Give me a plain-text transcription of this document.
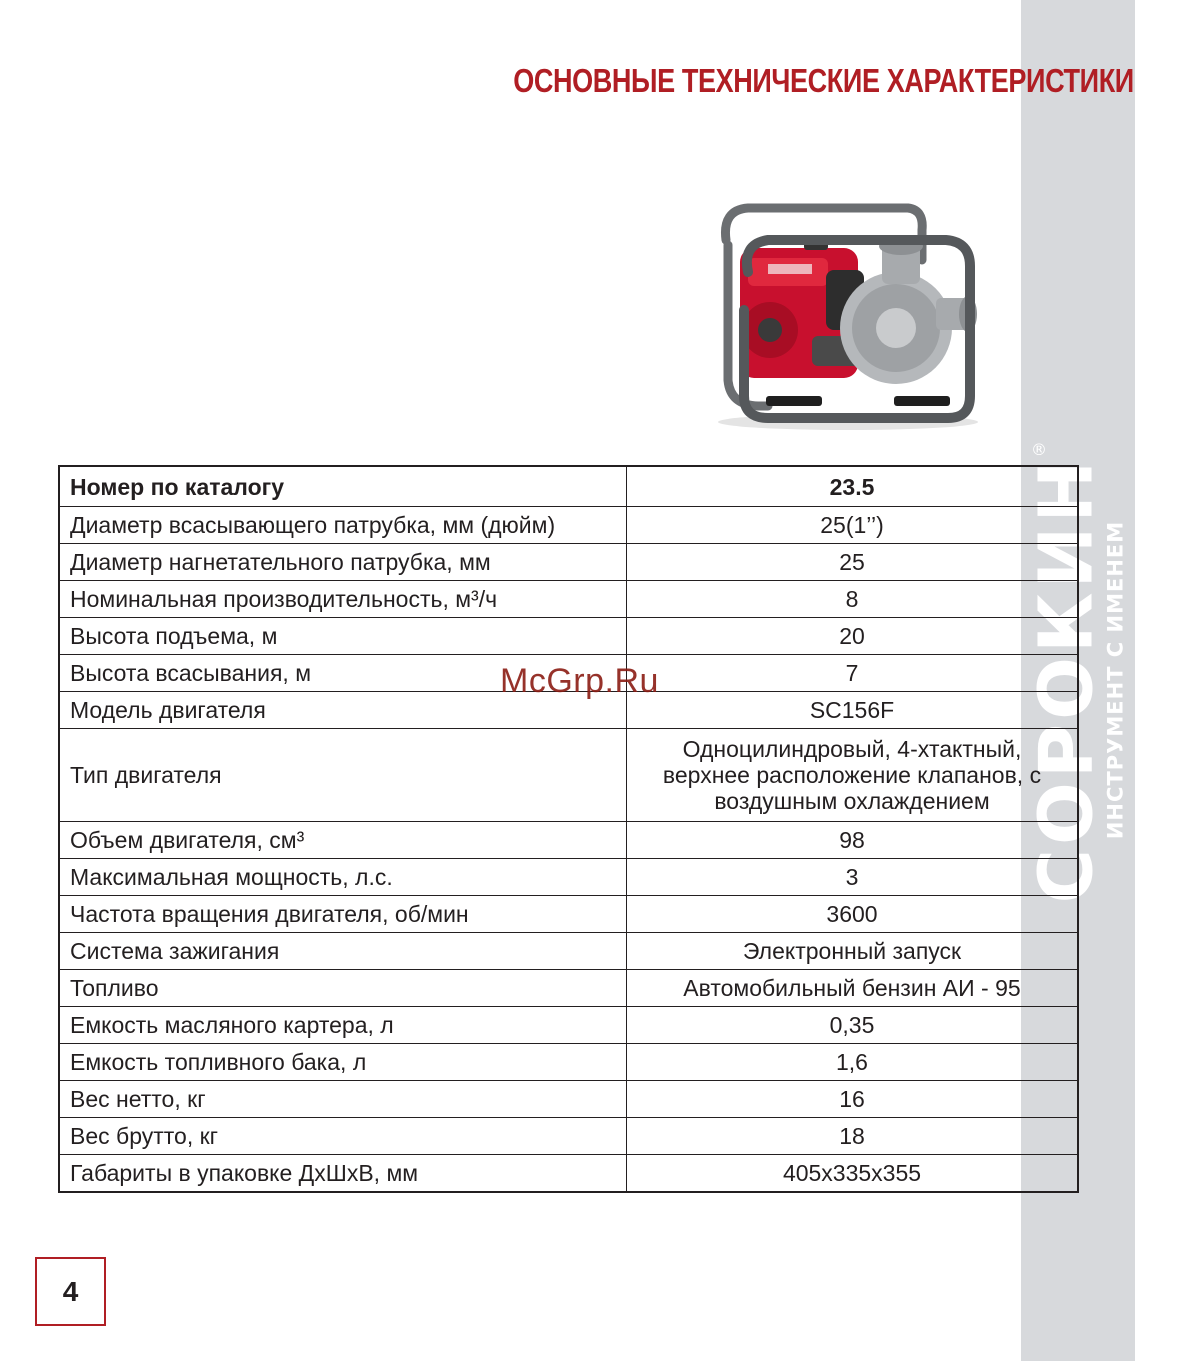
®
СОРОКИН
ИНСТРУМЕНТ С ИМЕНЕМ
ОСНОВНЫЕ ТЕХНИЧЕСКИЕ ХАРАКТЕРИСТИКИ
Номер по каталогу	23.5
Диаметр всасывающего патрубка, мм (дюйм)	25(1’’)
Диаметр нагнетательного патрубка, мм	25
Номинальная производительность, м³/ч	8
Высота подъема, м	20
Высота всасывания, м	7
Модель двигателя	SC156F
Тип двигателя	Одноцилиндровый, 4-хтактный, верхнее расположение клапанов, с воздушным охлаждением
Объем двигателя, см³	98
Максимальная мощность, л.с.	3
Частота вращения двигателя, об/мин	3600
Система зажигания	Электронный запуск
Топливо	Автомобильный бензин АИ - 95
Емкость масляного картера, л	0,35
Емкость топливного бака, л	1,6
Вес нетто, кг	16
Вес брутто, кг	18
Габариты в упаковке ДхШхВ, мм	405х335х355
McGrp.Ru
4
